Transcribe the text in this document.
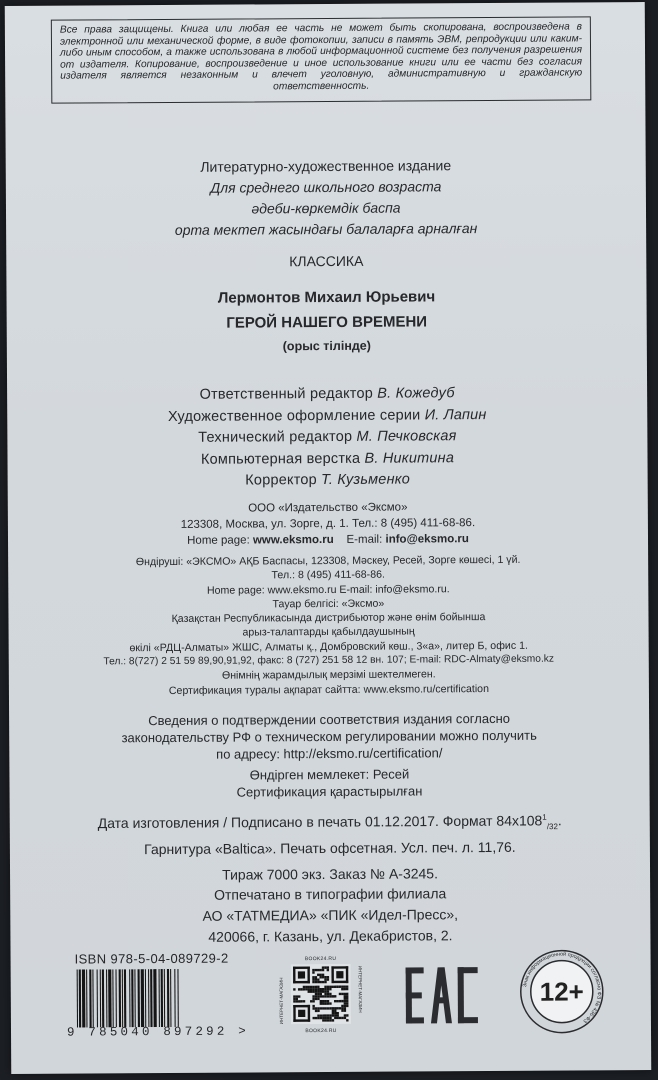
Все права защищены. Книга или любая ее часть не может быть скопирована, воспроизведена в электронной или механической форме, в виде фотокопии, записи в память ЭВМ, репродукции или каким-либо иным способом, а также использована в любой информационной системе без получения разрешения от издателя. Копирование, воспроизведение и иное использование книги или ее части без согласия издателя является незаконным и влечет уголовную, административную и гражданскую ответственность.
Литературно-художественное издание
Для среднего школьного возраста
әдеби-көркемдік баспа
орта мектеп жасындағы балаларға арналған
КЛАССИКА
Лермонтов Михаил Юрьевич
ГЕРОЙ НАШЕГО ВРЕМЕНИ
(орыс тілінде)
Ответственный редактор В. Кожедуб
Художественное оформление серии И. Лапин
Технический редактор М. Печковская
Компьютерная верстка В. Никитина
Корректор Т. Кузьменко
ООО «Издательство «Эксмо»
123308, Москва, ул. Зорге, д. 1. Тел.: 8 (495) 411-68-86.
Home page: www.eksmo.ru E-mail: info@eksmo.ru
Өндіруші: «ЭКСМО» АҚБ Баспасы, 123308, Мәскеу, Ресей, Зорге көшесі, 1 үй.
Тел.: 8 (495) 411-68-86.
Home page: www.eksmo.ru E-mail: info@eksmo.ru.
Тауар белгісі: «Эксмо»
Қазақстан Республикасында дистрибьютор және өнім бойынша
арыз-талаптарды қабылдаушының
өкілі «РДЦ-Алматы» ЖШС, Алматы қ., Домбровский көш., 3«а», литер Б, офис 1.
Тел.: 8(727) 2 51 59 89,90,91,92, факс: 8 (727) 251 58 12 вн. 107; E-mail: RDC-Almaty@eksmo.kz
Өнімнің жарамдылық мерзімі шектелмеген.
Сертификация туралы ақпарат сайтта: www.eksmo.ru/certification
Сведения о подтверждении соответствия издания согласно
законодательству РФ о техническом регулировании можно получить
по адресу: http://eksmo.ru/certification/
Өндірген мемлекет: Ресей
Сертификация қарастырылған
Дата изготовления / Подписано в печать 01.12.2017. Формат $84х108^1_{/32}$.
Гарнитура «Baltica». Печать офсетная. Усл. печ. л. 11,76.
Тираж 7000 экз. Заказ № А-3245.
Отпечатано в типографии филиала
АО «ТАТМЕДИА» «ПИК «Идел-Пресс»,
420066, г. Казань, ул. Декабристов, 2.
ISBN 978-5-04-089729-2
9 785040 897292 >
BOOK24.RU
BOOK24.RU
ИНТЕРНЕТ-МАГАЗИН	ИНТЕРНЕТ-МАГАЗИН	Знак информационной продукции согласно ФЗ № 436-ФЗ
12+
